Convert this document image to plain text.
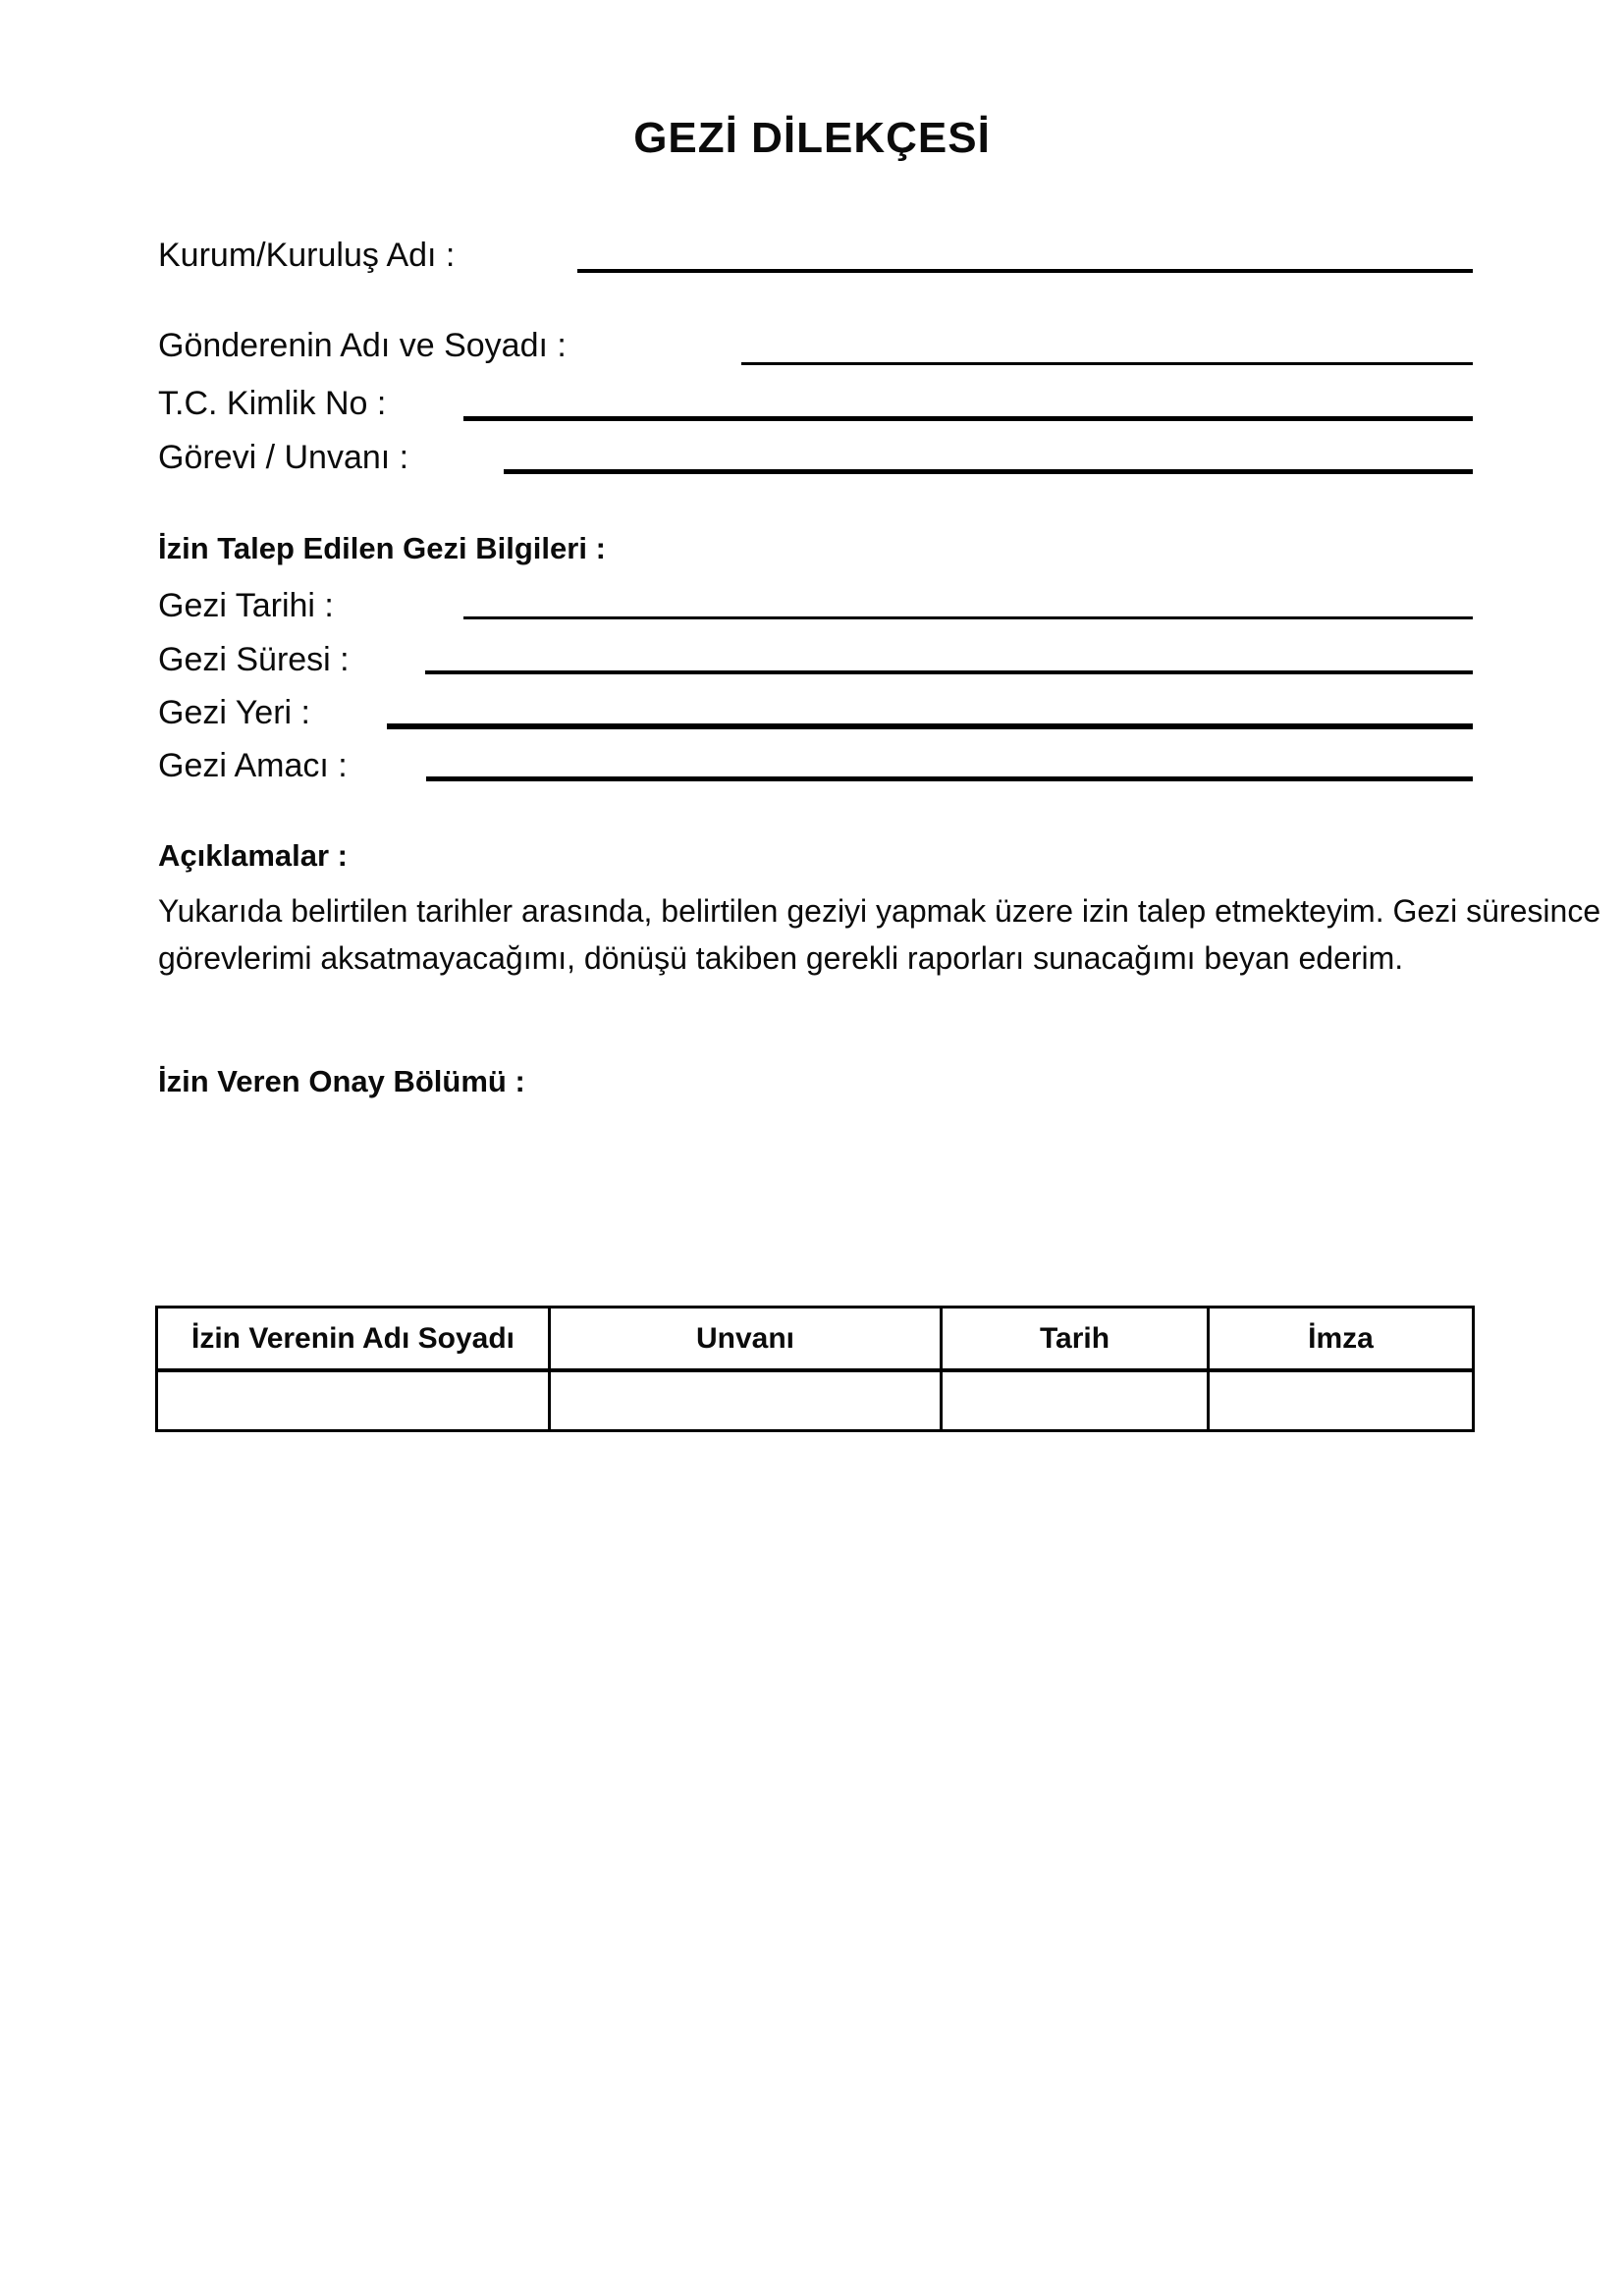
GEZİ DİLEKÇESİ
Kurum/Kuruluş Adı :
Gönderenin Adı ve Soyadı :
T.C. Kimlik No :
Görevi / Unvanı :
İzin Talep Edilen Gezi Bilgileri :
Gezi Tarihi :
Gezi Süresi :
Gezi Yeri :
Gezi Amacı :
Açıklamalar :
Yukarıda belirtilen tarihler arasında, belirtilen geziyi yapmak üzere izin talep etmekteyim. Gezi süresince
görevlerimi aksatmayacağımı, dönüşü takiben gerekli raporları sunacağımı beyan ederim.
İzin Veren Onay Bölümü :
İzin Verenin Adı Soyadı	Unvanı	Tarih	İmza
